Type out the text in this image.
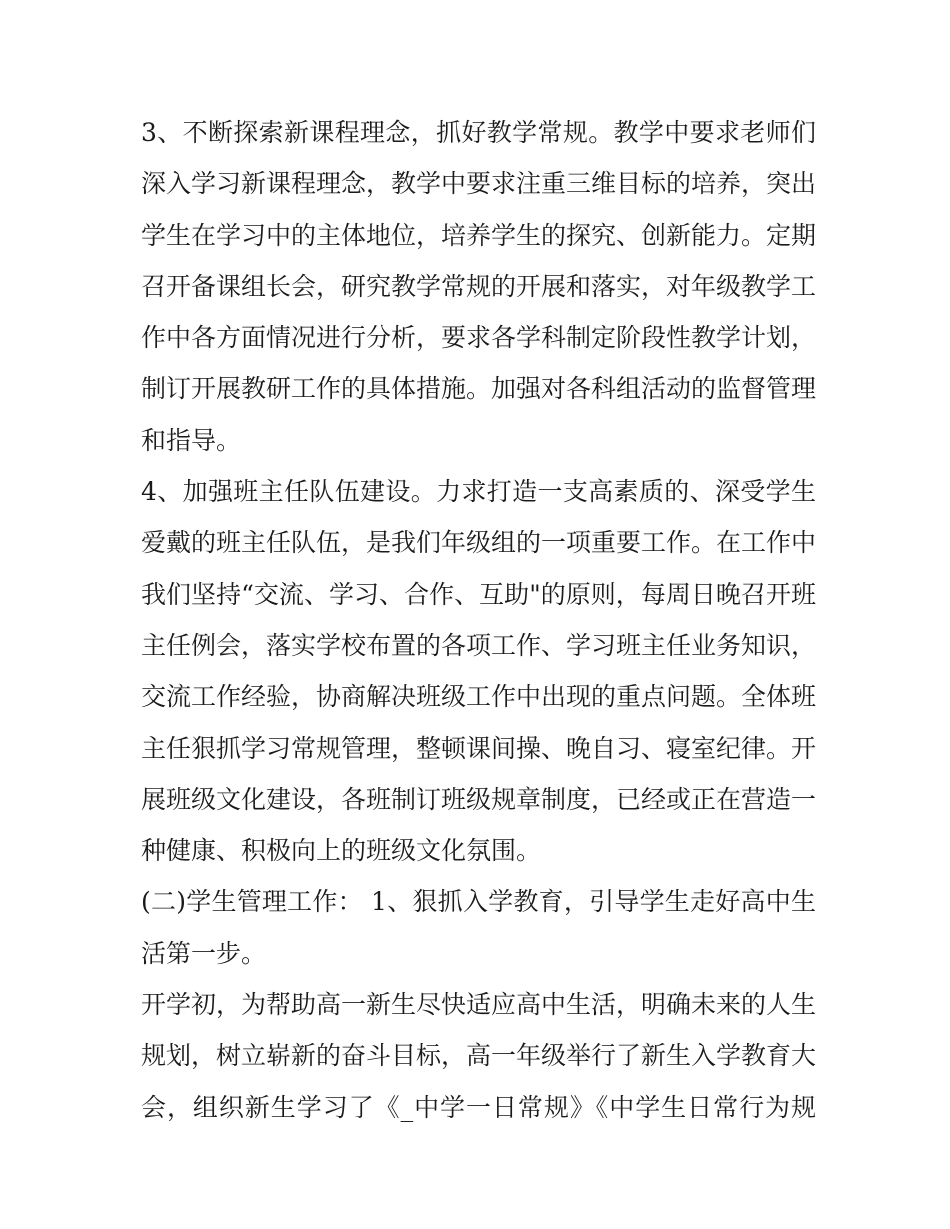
3、不断探索新课程理念，抓好教学常规。教学中要求老师们
深入学习新课程理念，教学中要求注重三维目标的培养，突出
学生在学习中的主体地位，培养学生的探究、创新能力。定期
召开备课组长会，研究教学常规的开展和落实，对年级教学工
作中各方面情况进行分析，要求各学科制定阶段性教学计划，
制订开展教研工作的具体措施。加强对各科组活动的监督管理
和指导。
4、加强班主任队伍建设。力求打造一支高素质的、深受学生
爱戴的班主任队伍，是我们年级组的一项重要工作。在工作中
我们坚持“交流、学习、合作、互助"的原则，每周日晚召开班
主任例会，落实学校布置的各项工作、学习班主任业务知识，
交流工作经验，协商解决班级工作中出现的重点问题。全体班
主任狠抓学习常规管理，整顿课间操、晚自习、寝室纪律。开
展班级文化建设，各班制订班级规章制度，已经或正在营造一
种健康、积极向上的班级文化氛围。
(二)学生管理工作： 1、狠抓入学教育，引导学生走好高中生
活第一步。
开学初，为帮助高一新生尽快适应高中生活，明确未来的人生
规划，树立崭新的奋斗目标，高一年级举行了新生入学教育大
会，组织新生学习了《_中学一日常规》《中学生日常行为规
